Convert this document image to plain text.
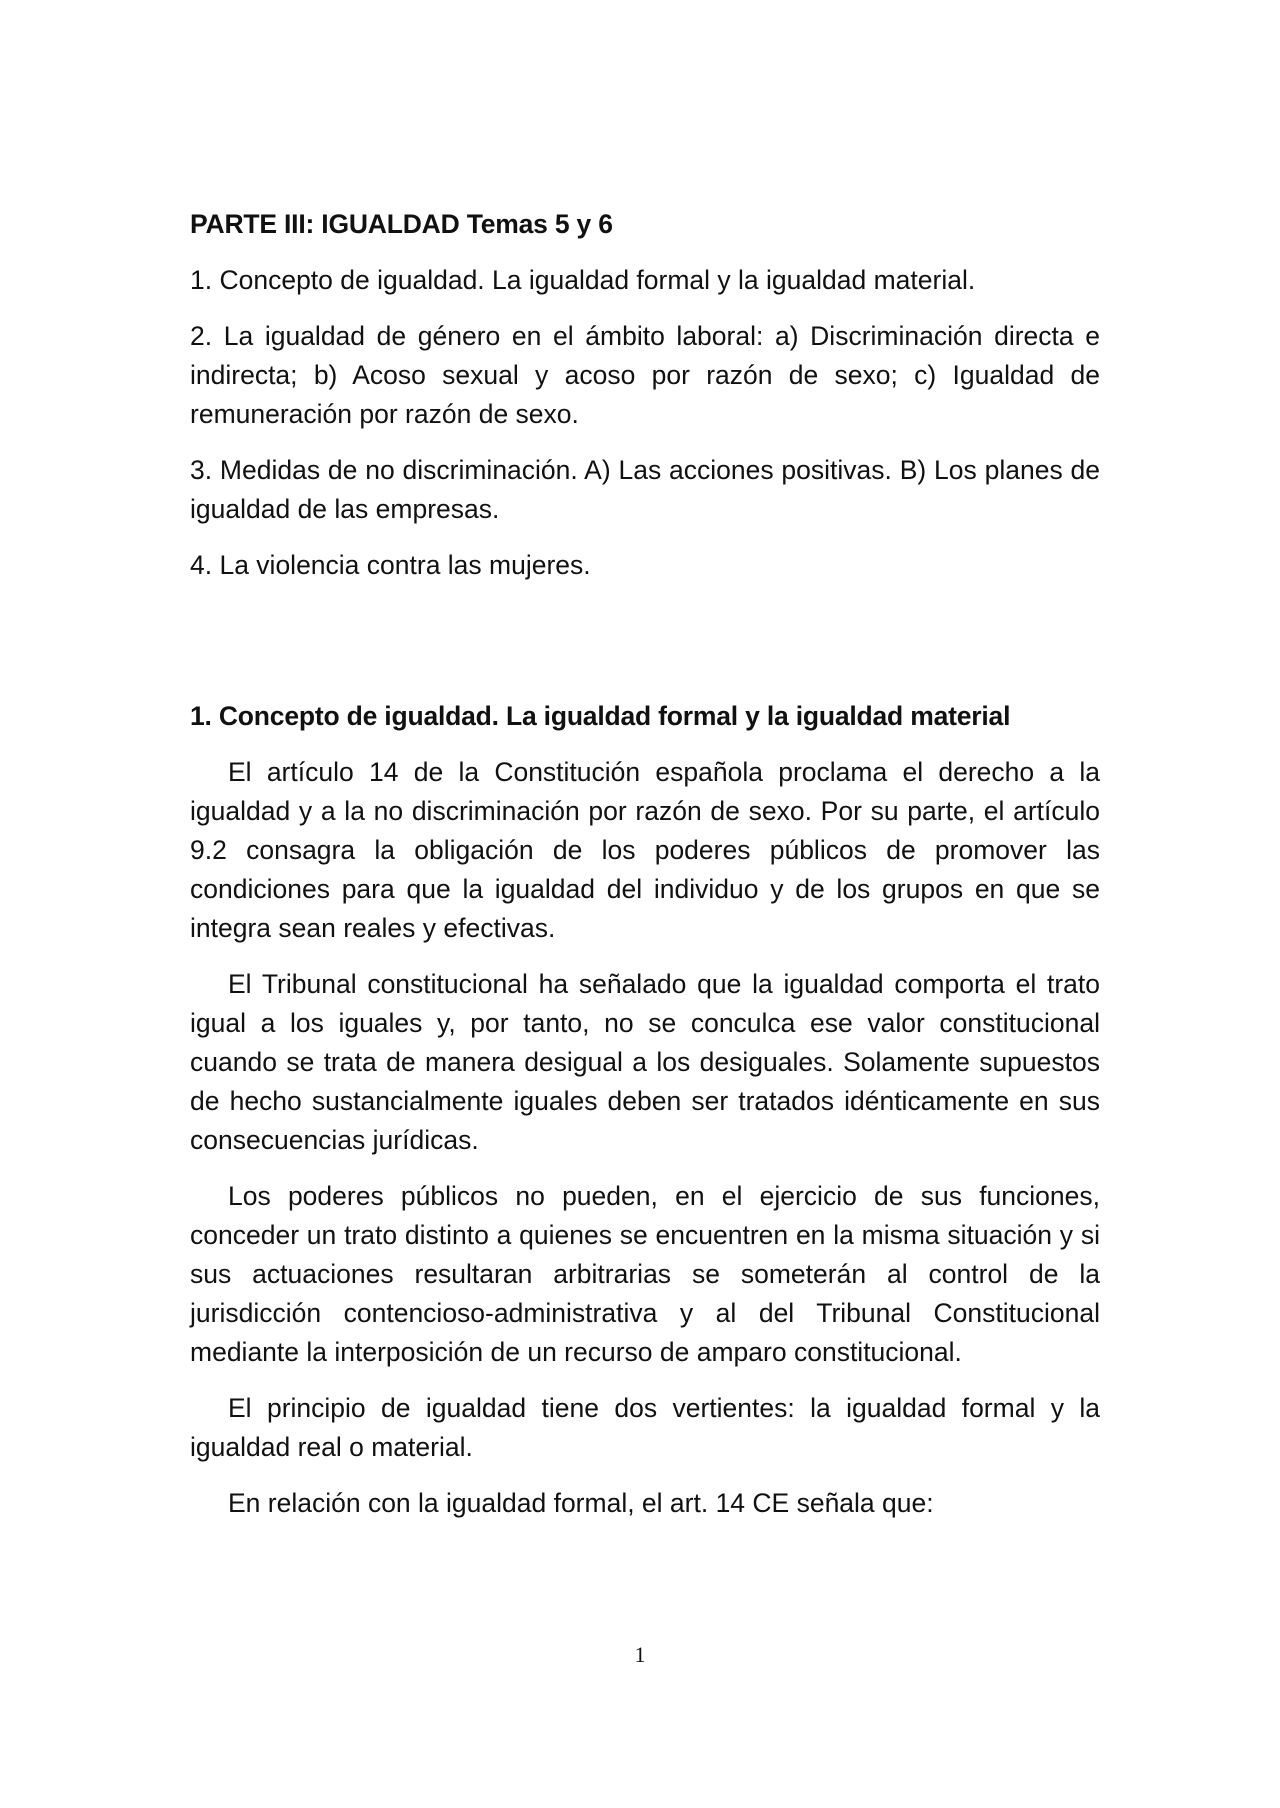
PARTE III: IGUALDAD Temas 5 y 6

1. Concepto de igualdad. La igualdad formal y la igualdad material.

2. La igualdad de género en el ámbito laboral: a) Discriminación directa e indirecta; b) Acoso sexual y acoso por razón de sexo; c) Igualdad de remuneración por razón de sexo.

3. Medidas de no discriminación. A) Las acciones positivas. B) Los planes de igualdad de las empresas.

4. La violencia contra las mujeres.

1. Concepto de igualdad. La igualdad formal y la igualdad material

El artículo 14 de la Constitución española proclama el derecho a la igualdad y a la no discriminación por razón de sexo. Por su parte, el artículo 9.2 consagra la obligación de los poderes públicos de promover las condiciones para que la igualdad del individuo y de los grupos en que se integra sean reales y efectivas.

El Tribunal constitucional ha señalado que la igualdad comporta el trato igual a los iguales y, por tanto, no se conculca ese valor constitucional cuando se trata de manera desigual a los desiguales. Solamente supuestos de hecho sustancialmente iguales deben ser tratados idénticamente en sus consecuencias jurídicas.

Los poderes públicos no pueden, en el ejercicio de sus funciones, conceder un trato distinto a quienes se encuentren en la misma situación y si sus actuaciones resultaran arbitrarias se someterán al control de la jurisdicción contencioso-administrativa y al del Tribunal Constitucional mediante la interposición de un recurso de amparo constitucional.

El principio de igualdad tiene dos vertientes: la igualdad formal y la igualdad real o material.

En relación con la igualdad formal, el art. 14 CE señala que:

1
